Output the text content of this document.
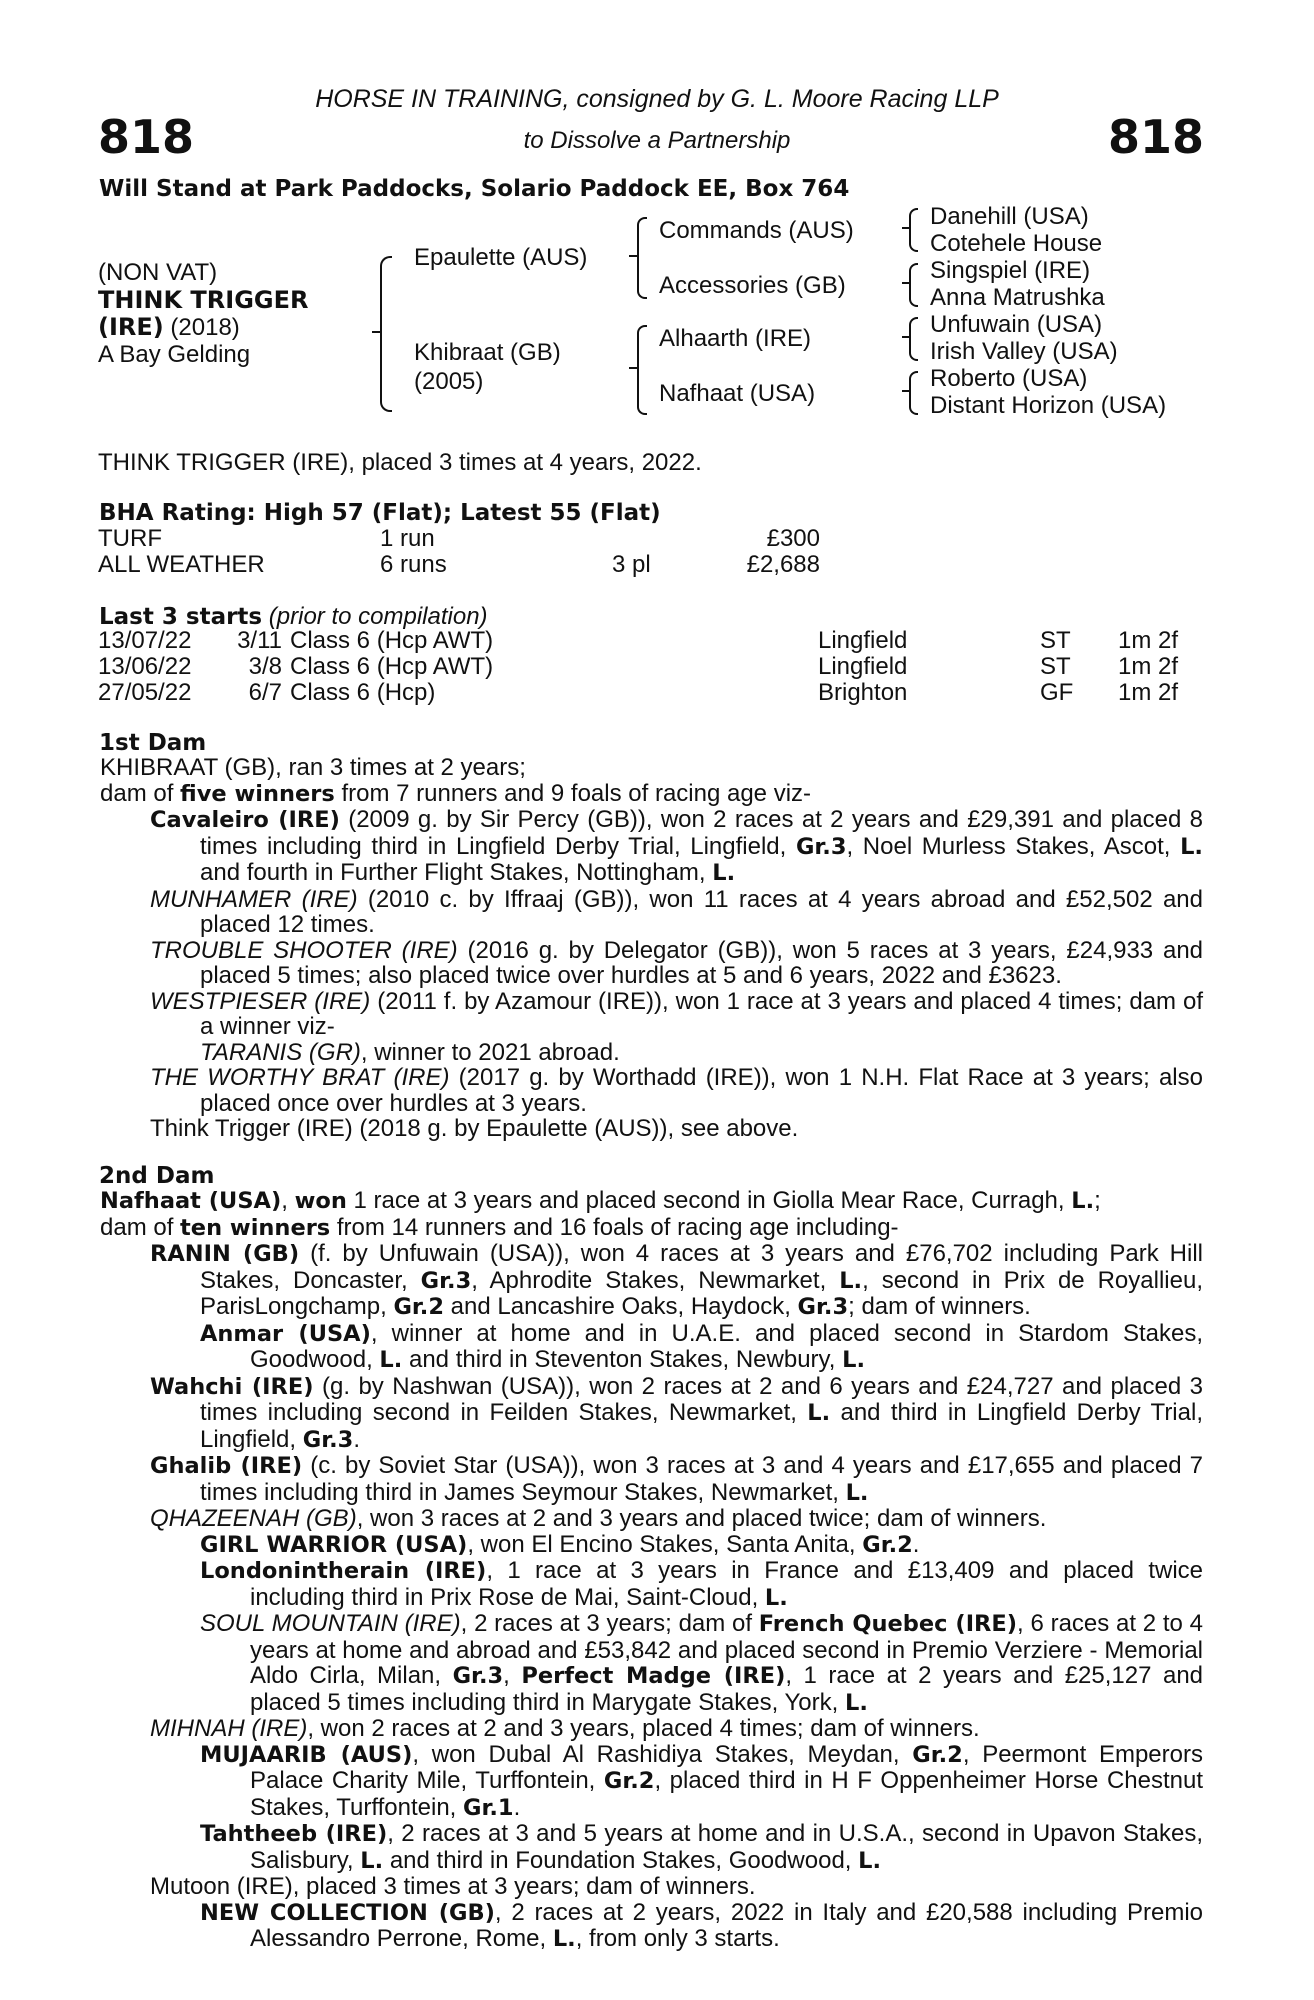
818	818
HORSE IN TRAINING, consigned by G. L. Moore Racing LLP
to Dissolve a Partnership
Will Stand at Park Paddocks, Solario Paddock EE, Box 764
(NON VAT)
THINK TRIGGER
(IRE) (2018)
A Bay Gelding
Epaulette (AUS)
Khibraat (GB)
(2005)
Commands (AUS)
Accessories (GB)
Alhaarth (IRE)
Nafhaat (USA)
Danehill (USA)
Cotehele House
Singspiel (IRE)
Anna Matrushka
Unfuwain (USA)
Irish Valley (USA)
Roberto (USA)
Distant Horizon (USA)
THINK TRIGGER (IRE), placed 3 times at 4 years, 2022.
BHA Rating: High 57 (Flat); Latest 55 (Flat)
TURF	1 run	£300
ALL WEATHER	6 runs	3 pl	£2,688
Last 3 starts (prior to compilation)
13/07/22	3/11 Class 6 (Hcp AWT)	Lingfield	ST 1m 2f
13/06/22	3/8 Class 6 (Hcp AWT)	Lingfield	ST 1m 2f
27/05/22	6/7 Class 6 (Hcp)	Brighton	GF 1m 2f
1st Dam
KHIBRAAT (GB), ran 3 times at 2 years;
dam of five winners from 7 runners and 9 foals of racing age viz-
Cavaleiro (IRE) (2009 g. by Sir Percy (GB)), won 2 races at 2 years and £29,391 and placed 8 times including third in Lingfield Derby Trial, Lingfield, Gr.3, Noel Murless Stakes, Ascot, L. and fourth in Further Flight Stakes, Nottingham, L.
MUNHAMER (IRE) (2010 c. by Iffraaj (GB)), won 11 races at 4 years abroad and £52,502 and placed 12 times.
TROUBLE SHOOTER (IRE) (2016 g. by Delegator (GB)), won 5 races at 3 years, £24,933 and placed 5 times; also placed twice over hurdles at 5 and 6 years, 2022 and £3623.
WESTPIESER (IRE) (2011 f. by Azamour (IRE)), won 1 race at 3 years and placed 4 times; dam of a winner viz-
TARANIS (GR), winner to 2021 abroad.
THE WORTHY BRAT (IRE) (2017 g. by Worthadd (IRE)), won 1 N.H. Flat Race at 3 years; also placed once over hurdles at 3 years.
Think Trigger (IRE) (2018 g. by Epaulette (AUS)), see above.
2nd Dam
Nafhaat (USA), won 1 race at 3 years and placed second in Giolla Mear Race, Curragh, L.;
dam of ten winners from 14 runners and 16 foals of racing age including-
RANIN (GB) (f. by Unfuwain (USA)), won 4 races at 3 years and £76,702 including Park Hill Stakes, Doncaster, Gr.3, Aphrodite Stakes, Newmarket, L., second in Prix de Royallieu, ParisLongchamp, Gr.2 and Lancashire Oaks, Haydock, Gr.3; dam of winners.
Anmar (USA), winner at home and in U.A.E. and placed second in Stardom Stakes, Goodwood, L. and third in Steventon Stakes, Newbury, L.
Wahchi (IRE) (g. by Nashwan (USA)), won 2 races at 2 and 6 years and £24,727 and placed 3 times including second in Feilden Stakes, Newmarket, L. and third in Lingfield Derby Trial, Lingfield, Gr.3.
Ghalib (IRE) (c. by Soviet Star (USA)), won 3 races at 3 and 4 years and £17,655 and placed 7 times including third in James Seymour Stakes, Newmarket, L.
QHAZEENAH (GB), won 3 races at 2 and 3 years and placed twice; dam of winners.
GIRL WARRIOR (USA), won El Encino Stakes, Santa Anita, Gr.2.
Londonintherain (IRE), 1 race at 3 years in France and £13,409 and placed twice including third in Prix Rose de Mai, Saint-Cloud, L.
SOUL MOUNTAIN (IRE), 2 races at 3 years; dam of French Quebec (IRE), 6 races at 2 to 4 years at home and abroad and £53,842 and placed second in Premio Verziere - Memorial Aldo Cirla, Milan, Gr.3, Perfect Madge (IRE), 1 race at 2 years and £25,127 and placed 5 times including third in Marygate Stakes, York, L.
MIHNAH (IRE), won 2 races at 2 and 3 years, placed 4 times; dam of winners.
MUJAARIB (AUS), won Dubal Al Rashidiya Stakes, Meydan, Gr.2, Peermont Emperors Palace Charity Mile, Turffontein, Gr.2, placed third in H F Oppenheimer Horse Chestnut Stakes, Turffontein, Gr.1.
Tahtheeb (IRE), 2 races at 3 and 5 years at home and in U.S.A., second in Upavon Stakes, Salisbury, L. and third in Foundation Stakes, Goodwood, L.
Mutoon (IRE), placed 3 times at 3 years; dam of winners.
NEW COLLECTION (GB), 2 races at 2 years, 2022 in Italy and £20,588 including Premio Alessandro Perrone, Rome, L., from only 3 starts.
